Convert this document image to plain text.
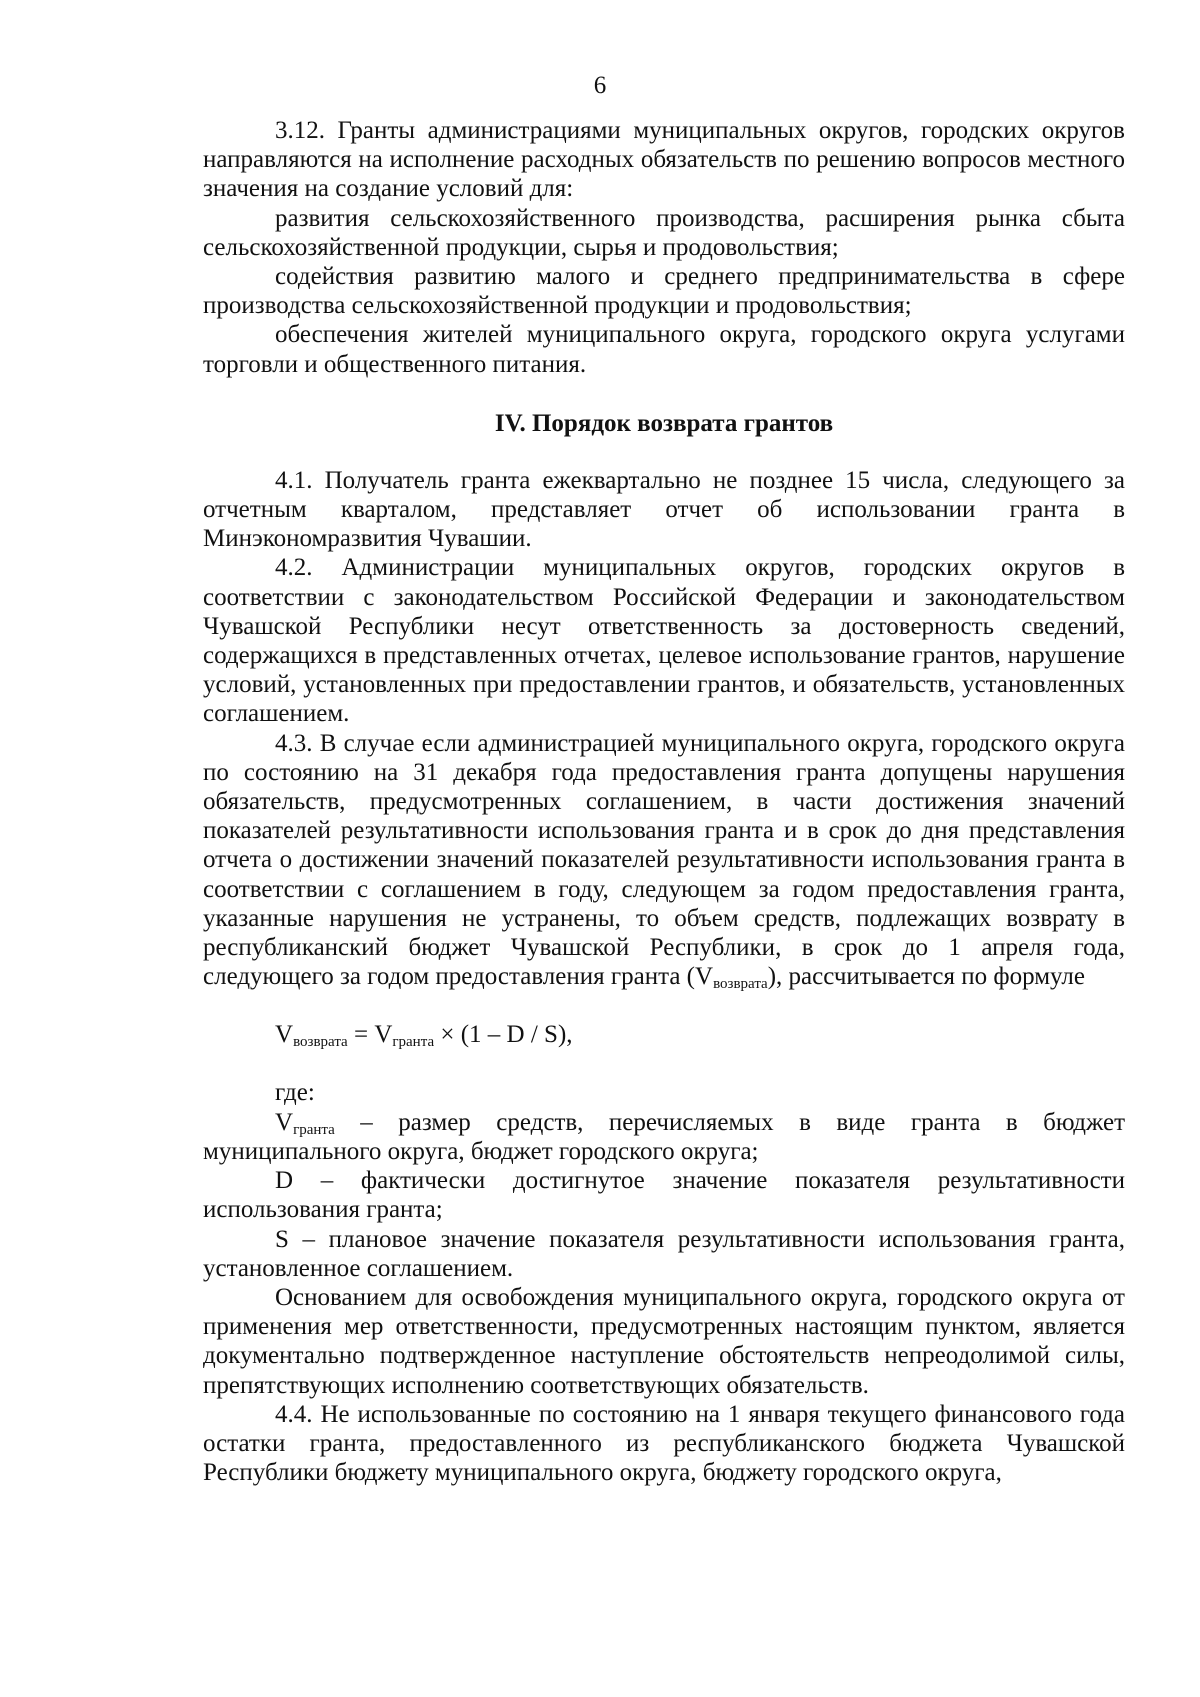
6

3.12. Гранты администрациями муниципальных округов, городских округов направляются на исполнение расходных обязательств по решению вопросов местного значения на создание условий для:

развития сельскохозяйственного производства, расширения рынка сбыта сельскохозяйственной продукции, сырья и продовольствия;

содействия развитию малого и среднего предпринимательства в сфере производства сельскохозяйственной продукции и продовольствия;

обеспечения жителей муниципального округа, городского округа услугами торговли и общественного питания.

IV. Порядок возврата грантов

4.1. Получатель гранта ежеквартально не позднее 15 числа, следующего за отчетным кварталом, представляет отчет об использовании гранта в Минэкономразвития Чувашии.

4.2. Администрации муниципальных округов, городских округов в соответствии с законодательством Российской Федерации и законодательством Чувашской Республики несут ответственность за достоверность сведений, содержащихся в представленных отчетах, целевое использование грантов, нарушение условий, установленных при предоставлении грантов, и обязательств, установленных соглашением.

4.3. В случае если администрацией муниципального округа, городского округа по состоянию на 31 декабря года предоставления гранта допущены нарушения обязательств, предусмотренных соглашением, в части достижения значений показателей результативности использования гранта и в срок до дня представления отчета о достижении значений показателей результативности использования гранта в соответствии с соглашением в году, следующем за годом предоставления гранта, указанные нарушения не устранены, то объем средств, подлежащих возврату в республиканский бюджет Чувашской Республики, в срок до 1 апреля года, следующего за годом предоставления гранта $(V_{возврата})$, рассчитывается по формуле

$V_{возврата} = V_{гранта} \times (1 - D / S)$,

где:

$V_{гранта}$ – размер средств, перечисляемых в виде гранта в бюджет муниципального округа, бюджет городского округа;

D – фактически достигнутое значение показателя результативности использования гранта;

S – плановое значение показателя результативности использования гранта, установленное соглашением.

Основанием для освобождения муниципального округа, городского округа от применения мер ответственности, предусмотренных настоящим пунктом, является документально подтвержденное наступление обстоятельств непреодолимой силы, препятствующих исполнению соответствующих обязательств.

4.4. Не использованные по состоянию на 1 января текущего финансового года остатки гранта, предоставленного из республиканского бюджета Чувашской Республики бюджету муниципального округа, бюджету городского округа,
